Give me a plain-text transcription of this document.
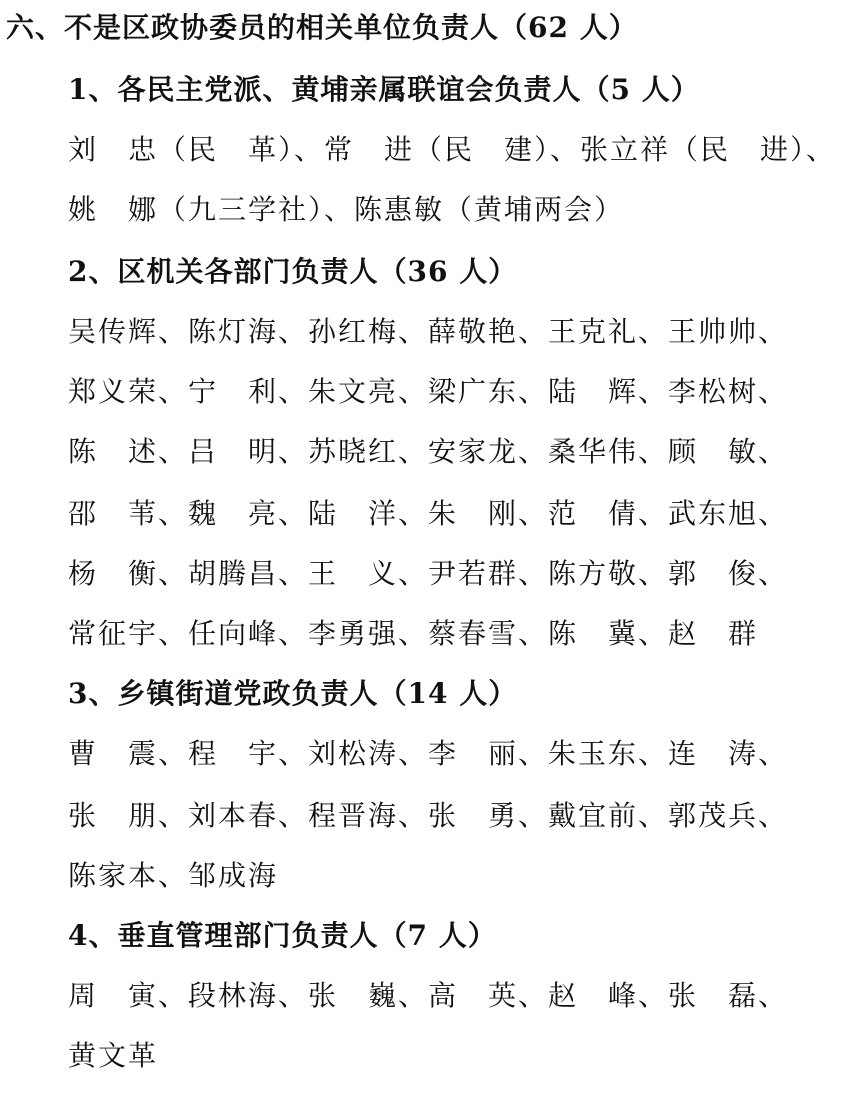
六、不是区政协委员的相关单位负责人（62 人）
1、各民主党派、黄埔亲属联谊会负责人（5 人）
刘　忠（民　革）、常　进（民　建）、张立祥（民　进）、
姚　娜（九三学社）、陈惠敏（黄埔两会）
2、区机关各部门负责人（36 人）
吴传辉、陈灯海、孙红梅、薛敬艳、王克礼、王帅帅、
郑义荣、宁　利、朱文亮、梁广东、陆　辉、李松树、
陈　述、吕　明、苏晓红、安家龙、桑华伟、顾　敏、
邵　苇、魏　亮、陆　洋、朱　刚、范　倩、武东旭、
杨　衡、胡腾昌、王　义、尹若群、陈方敬、郭　俊、
常征宇、任向峰、李勇强、蔡春雪、陈　冀、赵　群
3、乡镇街道党政负责人（14 人）
曹　震、程　宇、刘松涛、李　丽、朱玉东、连　涛、
张　朋、刘本春、程晋海、张　勇、戴宜前、郭茂兵、
陈家本、邹成海
4、垂直管理部门负责人（7 人）
周　寅、段林海、张　巍、高　英、赵　峰、张　磊、
黄文革
